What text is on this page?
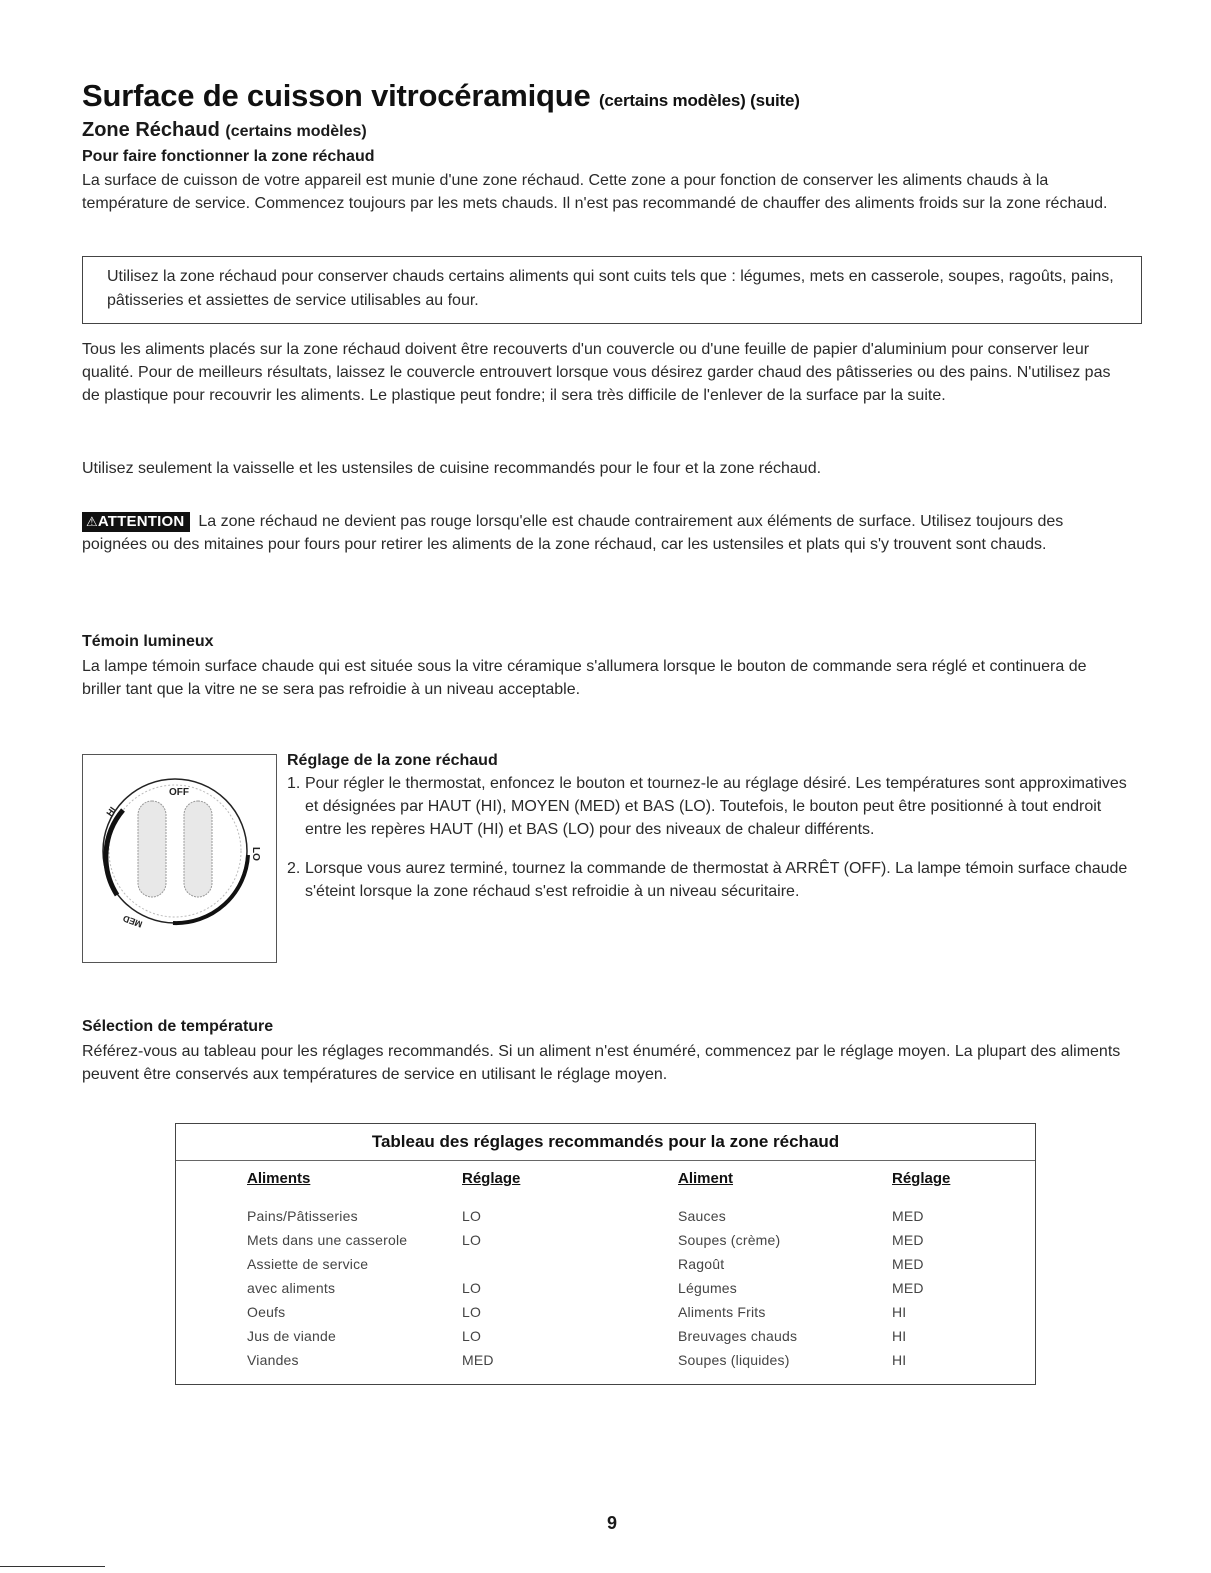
Surface de cuisson vitrocéramique (certains modèles) (suite)
Zone Réchaud (certains modèles)
Pour faire fonctionner la zone réchaud

La surface de cuisson de votre appareil est munie d'une zone réchaud. Cette zone a pour fonction de conserver les aliments chauds à la température de service. Commencez toujours par les mets chauds. Il n'est pas recommandé de chauffer des aliments froids sur la zone réchaud.

Utilisez la zone réchaud pour conserver chauds certains aliments qui sont cuits tels que : légumes, mets en casserole, soupes, ragoûts, pains, pâtisseries et assiettes de service utilisables au four.

Tous les aliments placés sur la zone réchaud doivent être recouverts d'un couvercle ou d'une feuille de papier d'aluminium pour conserver leur qualité. Pour de meilleurs résultats, laissez le couvercle entrouvert lorsque vous désirez garder chaud des pâtisseries ou des pains. N'utilisez pas de plastique pour recouvrir les aliments. Le plastique peut fondre; il sera très difficile de l'enlever de la surface par la suite.

Utilisez seulement la vaisselle et les ustensiles de cuisine recommandés pour le four et la zone réchaud.

⚠ATTENTION La zone réchaud ne devient pas rouge lorsqu'elle est chaude contrairement aux éléments de surface. Utilisez toujours des poignées ou des mitaines pour fours pour retirer les aliments de la zone réchaud, car les ustensiles et plats qui s'y trouvent sont chauds.

Témoin lumineux

La lampe témoin surface chaude qui est située sous la vitre céramique s'allumera lorsque le bouton de commande sera réglé et continuera de briller tant que la vitre ne se sera pas refroidie à un niveau acceptable.

OFF
HI
LO
MED
Réglage de la zone réchaud
1. Pour régler le thermostat, enfoncez le bouton et tournez-le au réglage désiré. Les températures sont approximatives et désignées par HAUT (HI), MOYEN (MED) et BAS (LO). Toutefois, le bouton peut être positionné à tout endroit entre les repères HAUT (HI) et BAS (LO) pour des niveaux de chaleur différents.
2. Lorsque vous aurez terminé, tournez la commande de thermostat à ARRÊT (OFF). La lampe témoin surface chaude s'éteint lorsque la zone réchaud s'est refroidie à un niveau sécuritaire.
Sélection de température

Référez-vous au tableau pour les réglages recommandés. Si un aliment n'est énuméré, commencez par le réglage moyen. La plupart des aliments peuvent être conservés aux températures de service en utilisant le réglage moyen.

Tableau des réglages recommandés pour la zone réchaud
Aliments
Pains/Pâtisseries
Mets dans une casserole
Assiette de service
avec aliments
Oeufs
Jus de viande
Viandes
Réglage
LO
LO

LO
LO
LO
MED
Aliment
Sauces
Soupes (crème)
Ragoût
Légumes
Aliments Frits
Breuvages chauds
Soupes (liquides)
Réglage
MED
MED
MED
MED
HI
HI
HI
9
